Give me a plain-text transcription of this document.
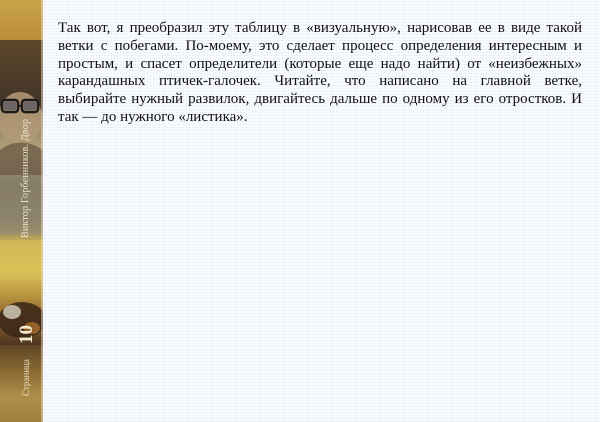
Виктор Горбенников. Двор
10
Страница

Так вот, я преобразил эту таблицу в «визуальную», нарисовав ее в виде такой ветки с побегами. По-моему, это сделает процесс определения интересным и простым, и спасет определители (которые еще надо найти) от «неизбежных» карандашных птичек-галочек. Читайте, что написано на главной ветке, выбирайте нужный развилок, двигайтесь дальше по одному из его отростков. И так — до нужного «листика».
